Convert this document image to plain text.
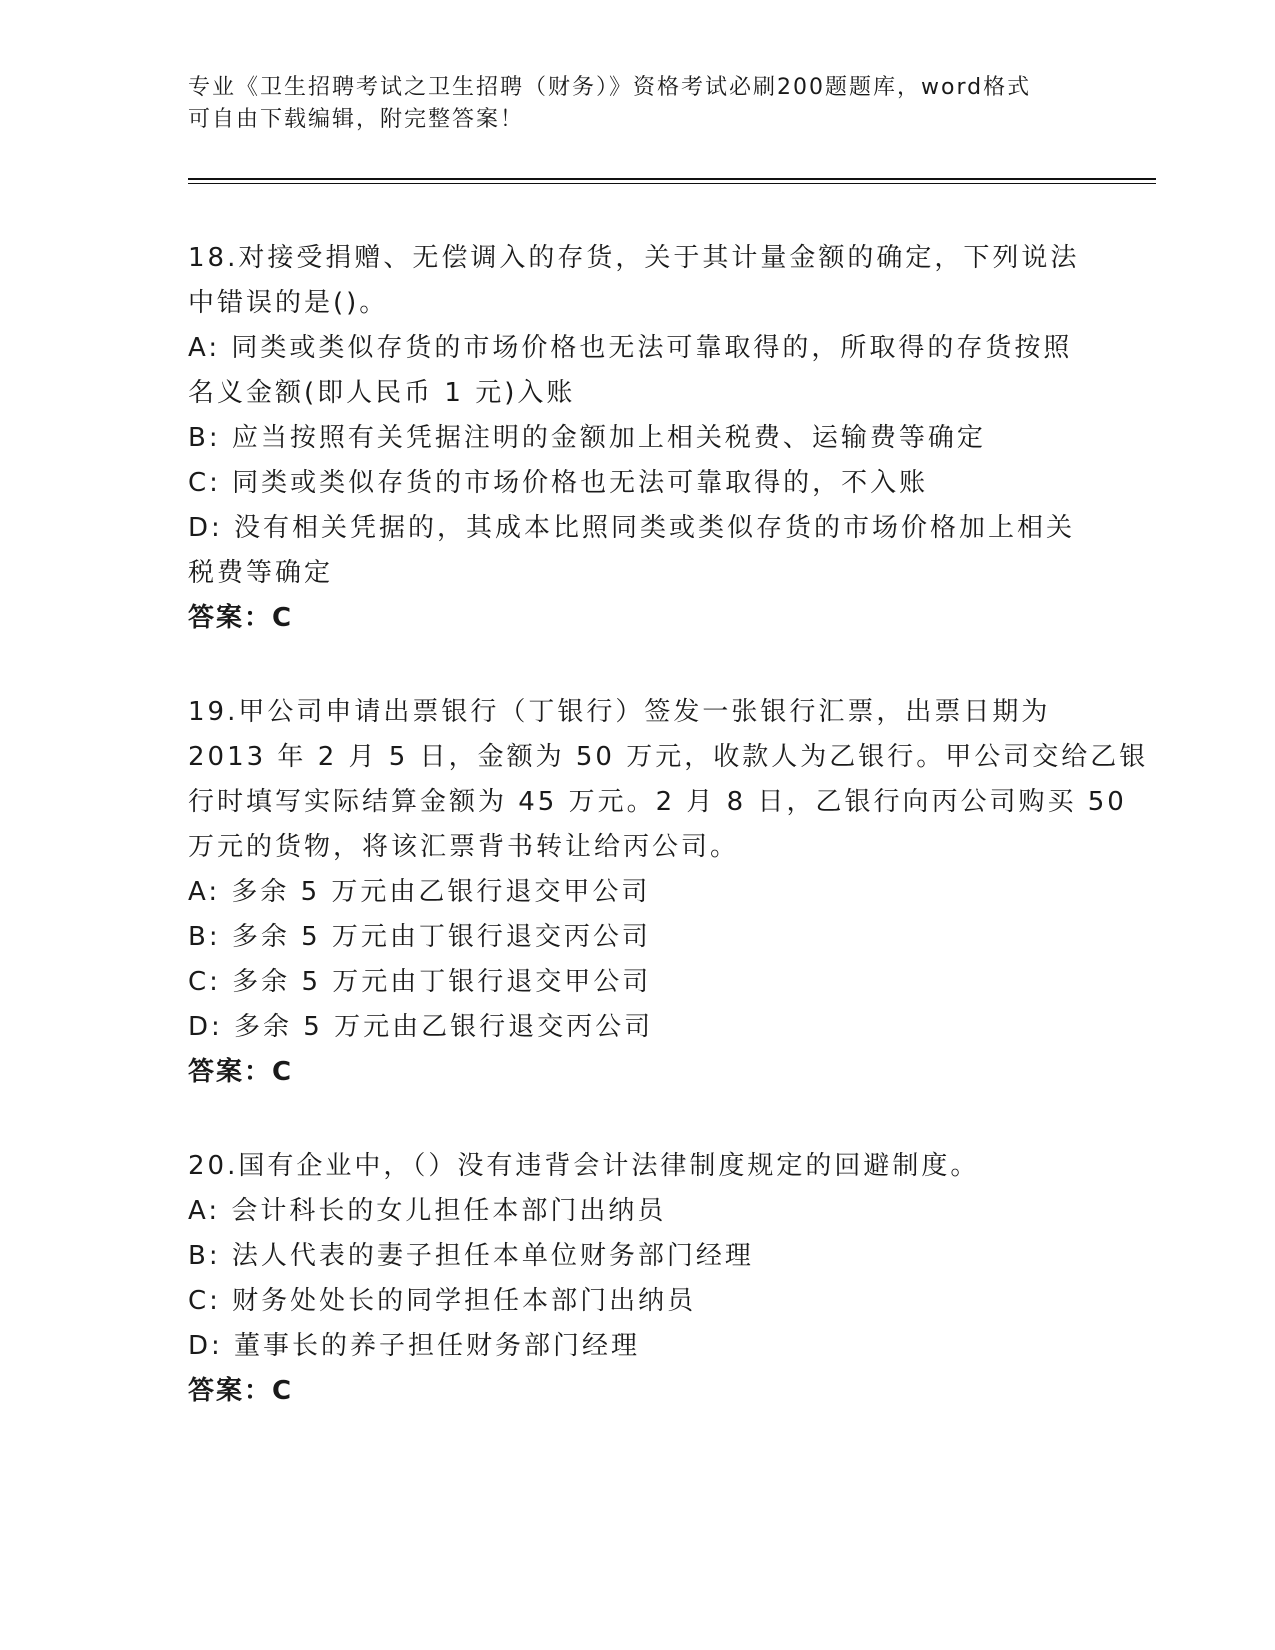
专业《卫生招聘考试之卫生招聘（财务）》资格考试必刷200题题库，word格式
可自由下载编辑，附完整答案！
18.对接受捐赠、无偿调入的存货，关于其计量金额的确定，下列说法
中错误的是()。
A: 同类或类似存货的市场价格也无法可靠取得的，所取得的存货按照
名义金额(即人民币 1 元)入账
B: 应当按照有关凭据注明的金额加上相关税费、运输费等确定
C: 同类或类似存货的市场价格也无法可靠取得的，不入账
D: 没有相关凭据的，其成本比照同类或类似存货的市场价格加上相关
税费等确定
答案：C
19.甲公司申请出票银行（丁银行）签发一张银行汇票，出票日期为
2013 年 2 月 5 日，金额为 50 万元，收款人为乙银行。甲公司交给乙银
行时填写实际结算金额为 45 万元。2 月 8 日，乙银行向丙公司购买 50
万元的货物，将该汇票背书转让给丙公司。
A: 多余 5 万元由乙银行退交甲公司
B: 多余 5 万元由丁银行退交丙公司
C: 多余 5 万元由丁银行退交甲公司
D: 多余 5 万元由乙银行退交丙公司
答案：C
20.国有企业中，（）没有违背会计法律制度规定的回避制度。
A: 会计科长的女儿担任本部门出纳员
B: 法人代表的妻子担任本单位财务部门经理
C: 财务处处长的同学担任本部门出纳员
D: 董事长的养子担任财务部门经理
答案：C
